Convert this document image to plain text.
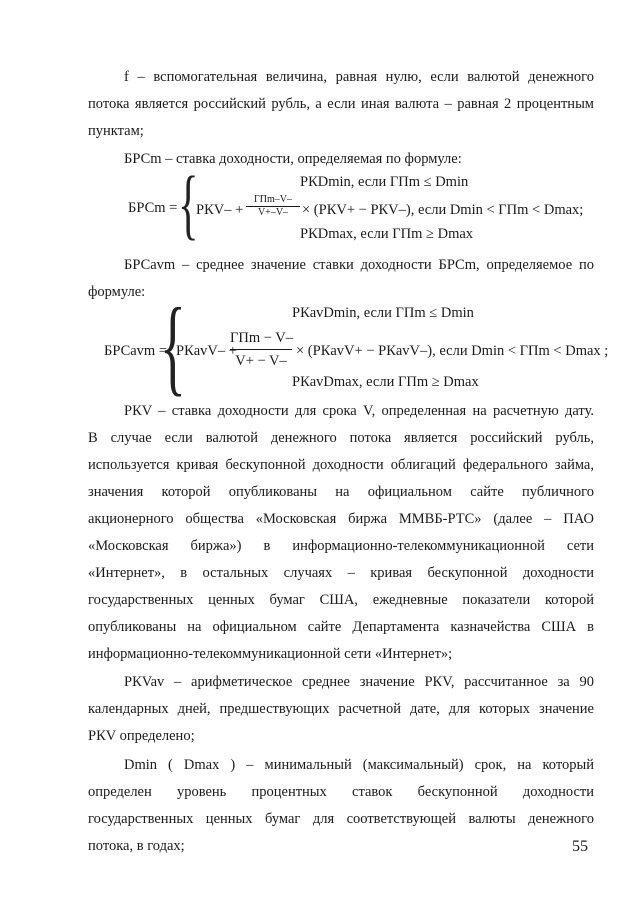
f – вспомогательная величина, равная нулю, если валютой денежного

потока является российский рубль, а если иная валюта – равная 2 процентным

пунктам;

БРСm – ставка доходности, определяемая по формуле:

БРСm = {	РКDmin, если ГПm ≤ Dmin
РКV– +
ГПm–V–
V+–V– × (РКV+ − РКV–), если Dmin < ГПm < Dmax;
РКDmax, если ГПm ≥ Dmax

БРСavm – среднее значение ставки доходности БРСm, определяемое по

формуле:

БРСavm =
{	РКavDmin, если ГПm ≤ Dmin
РКavV– +
ГПm − V–
V+ − V–
× (РКavV+ − РКavV–), если Dmin < ГПm < Dmax ;
РКavDmax, если ГПm ≥ Dmax

РКV – ставка доходности для срока V, определенная на расчетную дату.

В случае если валютой денежного потока является российский рубль,

используется кривая бескупонной доходности облигаций федерального займа,

значения которой опубликованы на официальном сайте публичного

акционерного общества «Московская биржа ММВБ-РТС» (далее – ПАО

«Московская биржа») в информационно-телекоммуникационной сети

«Интернет», в остальных случаях – кривая бескупонной доходности

государственных ценных бумаг США, ежедневные показатели которой

опубликованы на официальном сайте Департамента казначейства США в

информационно-телекоммуникационной сети «Интернет»;

РКVav – арифметическое среднее значение РКV, рассчитанное за 90

календарных дней, предшествующих расчетной дате, для которых значение

РКV определено;

Dmin ( Dmax ) – минимальный (максимальный) срок, на который

определен уровень процентных ставок бескупонной доходности

государственных ценных бумаг для соответствующей валюты денежного

потока, в годах;	55
